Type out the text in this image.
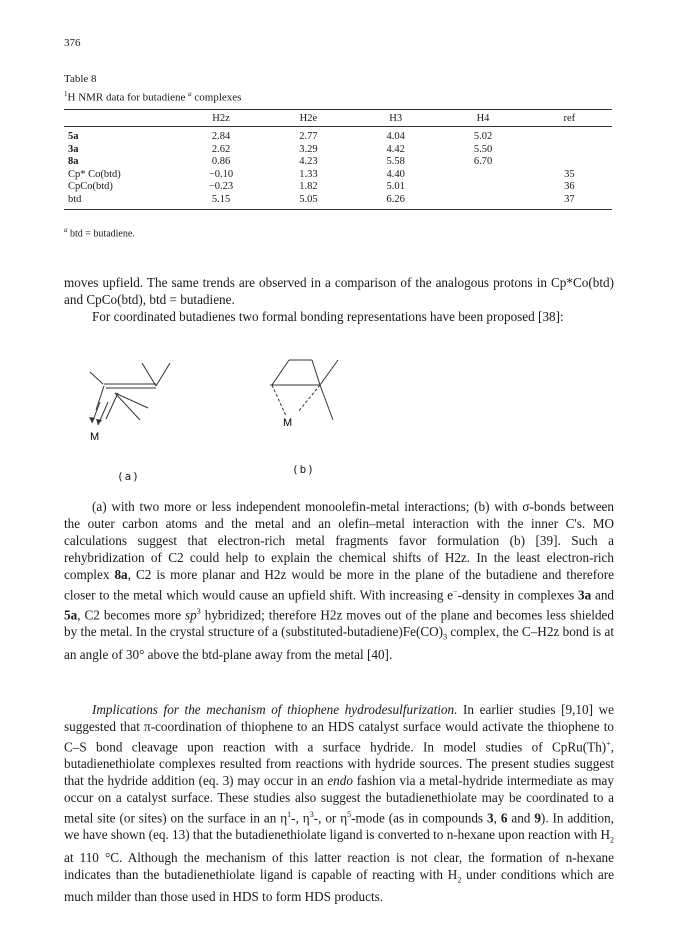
376
Table 8
$^1$H NMR data for butadiene $^a$ complexes
	H2z	H2e	H3	H4	ref
5a	2.84	2.77	4.04	5.02	
3a	2.62	3.29	4.42	5.50	
8a	0.86	4.23	5.58	6.70	
Cp* Co(btd)	−0.10	1.33	4.40		35
CpCo(btd)	−0.23	1.82	5.01		36
btd	5.15	5.05	6.26		37
$^a$ btd = butadiene.
moves upfield. The same trends are observed in a comparison of the analogous protons in Cp*Co(btd) and CpCo(btd), btd = butadiene.
For coordinated butadienes two formal bonding representations have been proposed [38]:
M
M
(a)
(b)
(a) with two more or less independent monoolefin-metal interactions; (b) with σ-bonds between the outer carbon atoms and the metal and an olefin–metal interaction with the inner C's. MO calculations suggest that electron-rich metal fragments favor formulation (b) [39]. Such a rehybridization of C2 could help to explain the chemical shifts of H2z. In the least electron-rich complex 8a, C2 is more planar and H2z would be more in the plane of the butadiene and therefore closer to the metal which would cause an upfield shift. With increasing e−-density in complexes 3a and 5a, C2 becomes more $sp^3$ hybridized; therefore H2z moves out of the plane and becomes less shielded by the metal. In the crystal structure of a $(substituted-butadiene)Fe(CO)_3$ complex, the C–H2z bond is at an angle of 30° above the btd-plane away from the metal [40].
Implications for the mechanism of thiophene hydrodesulfurization. In earlier studies [9,10] we suggested that π-coordination of thiophene to an HDS catalyst surface would activate the thiophene to C–S bond cleavage upon reaction with a surface hydride. In model studies of CpRu(Th)+, butadienethiolate complexes resulted from reactions with hydride sources. The present studies suggest that the hydride addition (eq. 3) may occur in an endo fashion via a metal-hydride intermediate as may occur on a catalyst surface. These studies also suggest the butadienethiolate may be coordinated to a metal site (or sites) on the surface in an $\eta^1-$, $\eta^3-$, or $\eta^5$-mode (as in compounds 3, 6 and 9). In addition, we have shown (eq. 13) that the butadienethiolate ligand is converted to n-hexane upon reaction with $H_2$ at 110 °C. Although the mechanism of this latter reaction is not clear, the formation of n-hexane indicates than the butadienethiolate ligand is capable of reacting with $H_2$ under conditions which are much milder than those used in HDS to form HDS products.
